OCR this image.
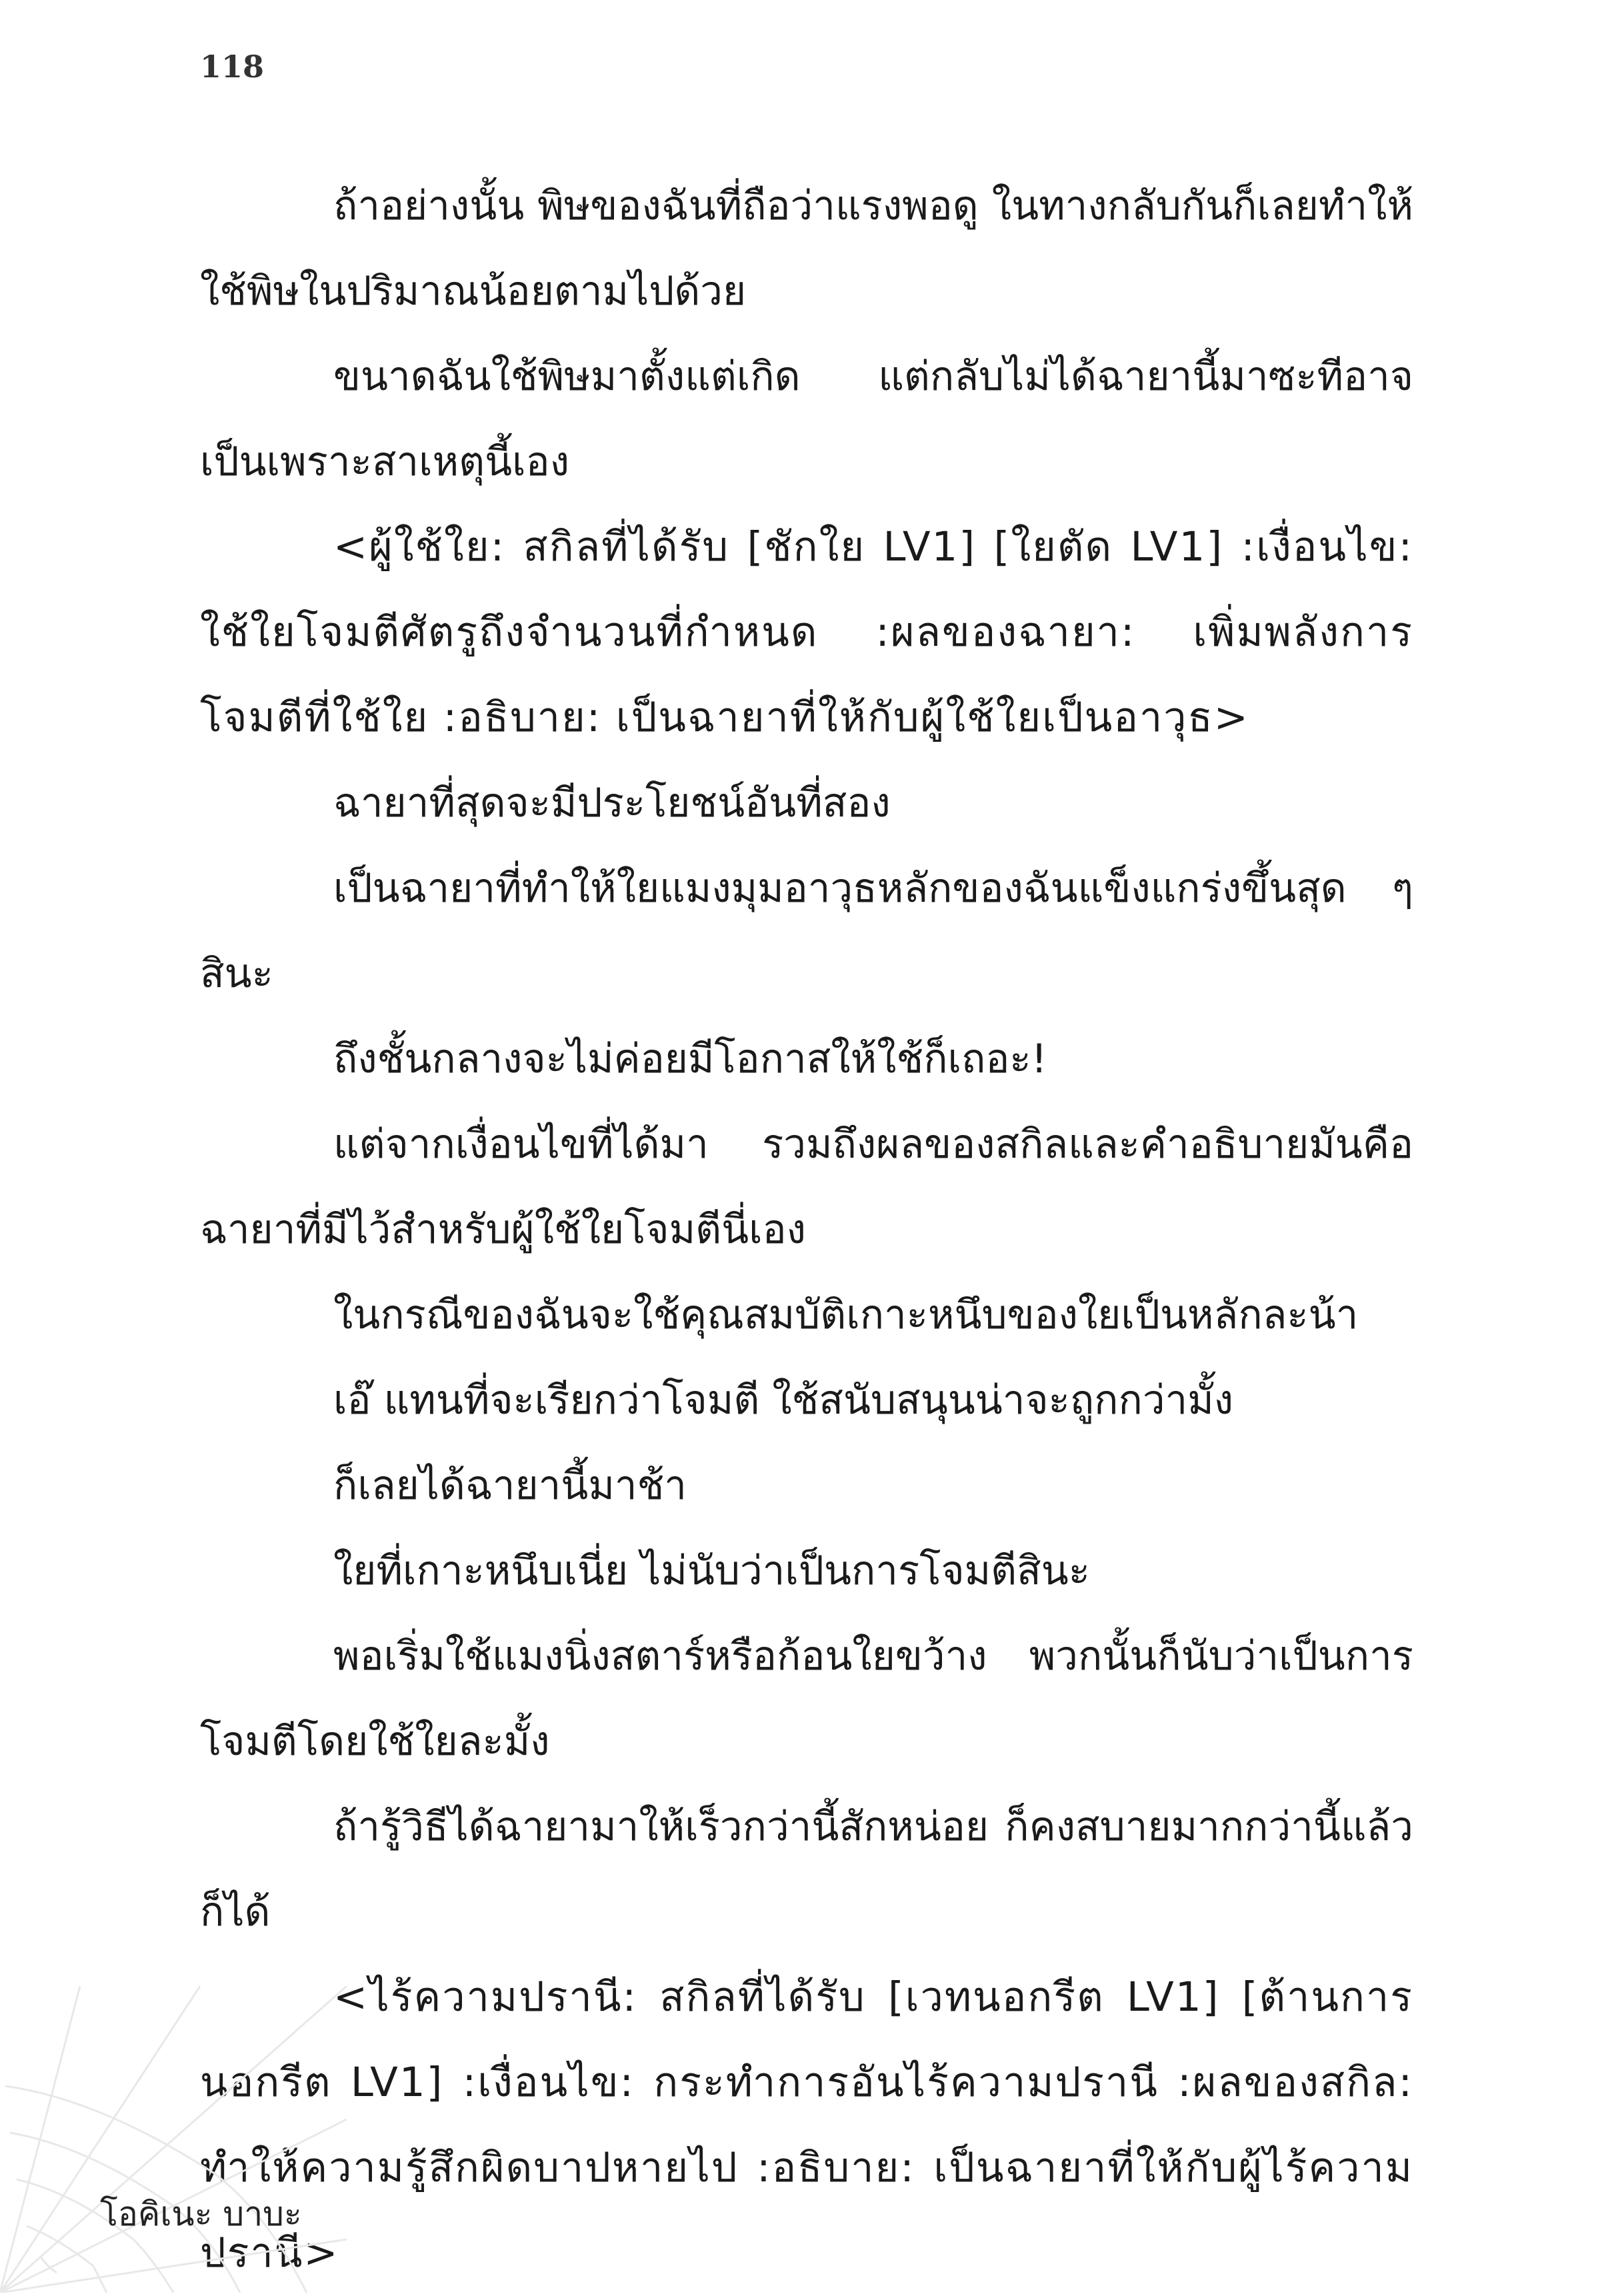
118

ถ้าอย่างนั้น พิษของฉันที่ถือว่าแรงพอดู ในทางกลับกันก็เลยทำให้ใช้พิษในปริมาณน้อยตามไปด้วย

ขนาดฉันใช้พิษมาตั้งแต่เกิด แต่กลับไม่ได้ฉายานี้มาซะทีอาจเป็นเพราะสาเหตุนี้เอง

<ผู้ใช้ใย: สกิลที่ได้รับ [ชักใย LV1] [ใยตัด LV1] :เงื่อนไข: ใช้ใยโจมตีศัตรูถึงจำนวนที่กำหนด :ผลของฉายา: เพิ่มพลังการโจมตีที่ใช้ใย :อธิบาย: เป็นฉายาที่ให้กับผู้ใช้ใยเป็นอาวุธ>

ฉายาที่สุดจะมีประโยชน์อันที่สอง

เป็นฉายาที่ทำให้ใยแมงมุมอาวุธหลักของฉันแข็งแกร่งขึ้นสุด ๆ สินะ

ถึงชั้นกลางจะไม่ค่อยมีโอกาสให้ใช้ก็เถอะ!

แต่จากเงื่อนไขที่ได้มา รวมถึงผลของสกิลและคำอธิบายมันคือฉายาที่มีไว้สำหรับผู้ใช้ใยโจมตีนี่เอง

ในกรณีของฉันจะใช้คุณสมบัติเกาะหนึบของใยเป็นหลักละน้า

เอ๊ แทนที่จะเรียกว่าโจมตี ใช้สนับสนุนน่าจะถูกกว่ามั้ง

ก็เลยได้ฉายานี้มาช้า

ใยที่เกาะหนึบเนี่ย ไม่นับว่าเป็นการโจมตีสินะ

พอเริ่มใช้แมงนิ่งสตาร์หรือก้อนใยขว้าง พวกนั้นก็นับว่าเป็นการโจมตีโดยใช้ใยละมั้ง

ถ้ารู้วิธีได้ฉายามาให้เร็วกว่านี้สักหน่อย ก็คงสบายมากกว่านี้แล้วก็ได้

<ไร้ความปรานี: สกิลที่ได้รับ [เวทนอกรีต LV1] [ต้านการนอกรีต LV1] :เงื่อนไข: กระทำการอันไร้ความปรานี :ผลของสกิล: ทำให้ความรู้สึกผิดบาปหายไป :อธิบาย: เป็นฉายาที่ให้กับผู้ไร้ความปรานี>

โอคิเนะ บาบะ
